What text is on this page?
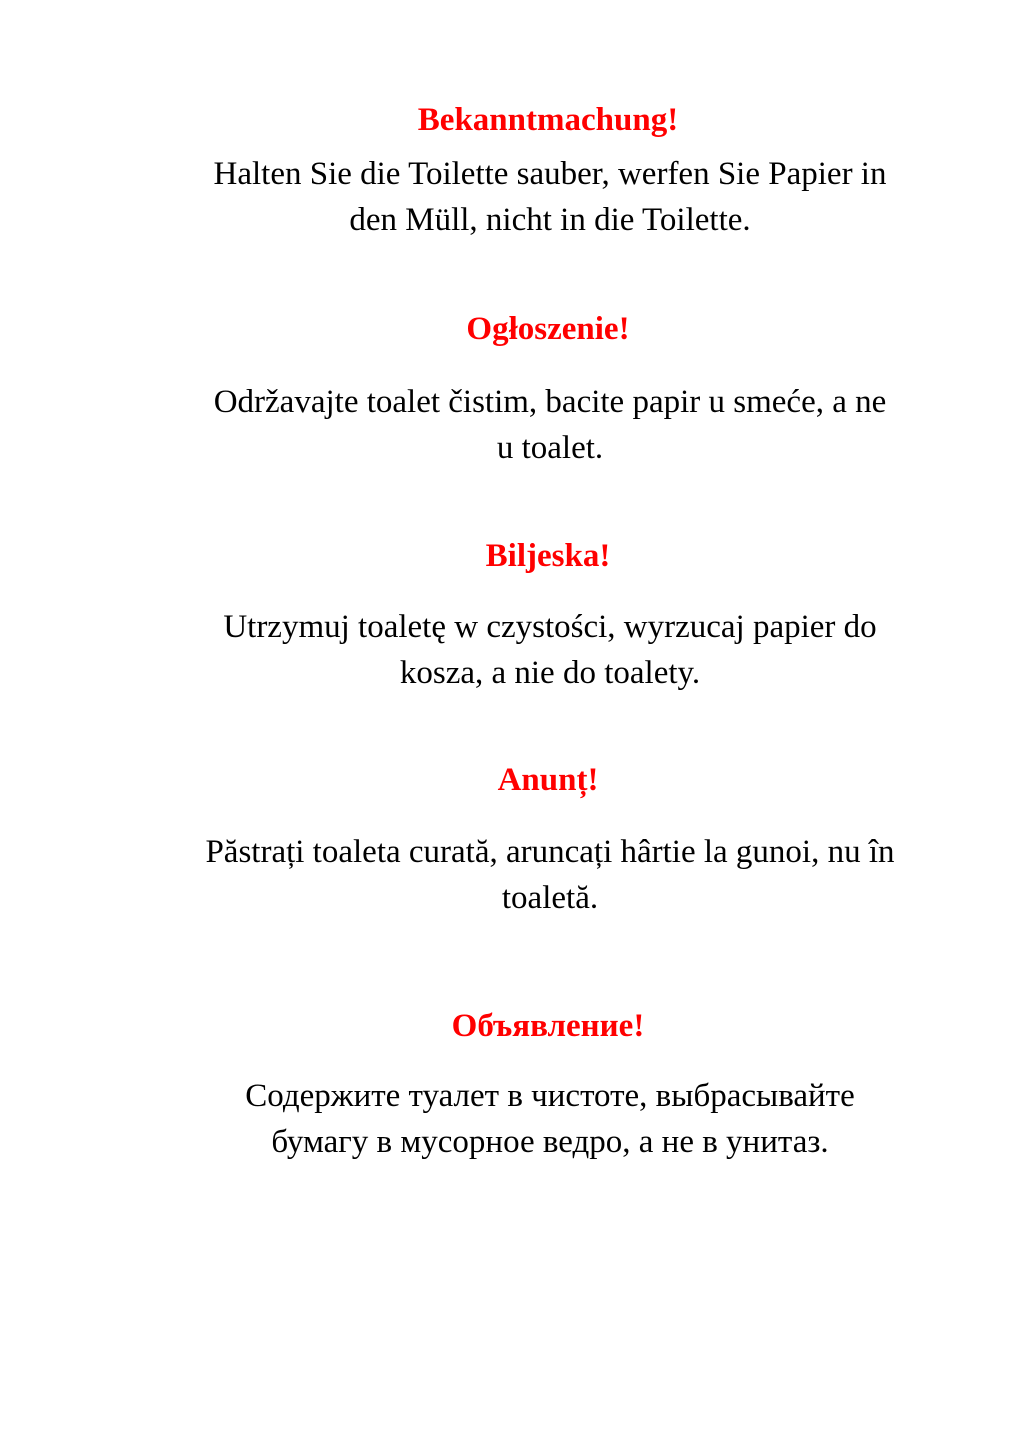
Bekanntmachung!
Halten Sie die Toilette sauber, werfen Sie Papier in
den Müll, nicht in die Toilette.
Ogłoszenie!
Održavajte toalet čistim, bacite papir u smeće, a ne
u toalet.
Biljeska!
Utrzymuj toaletę w czystości, wyrzucaj papier do
kosza, a nie do toalety.
Anunț!
Păstrați toaleta curată, aruncați hârtie la gunoi, nu în
toaletă.
Объявление!
Содержите туалет в чистоте, выбрасывайте
бумагу в мусорное ведро, а не в унитаз.
